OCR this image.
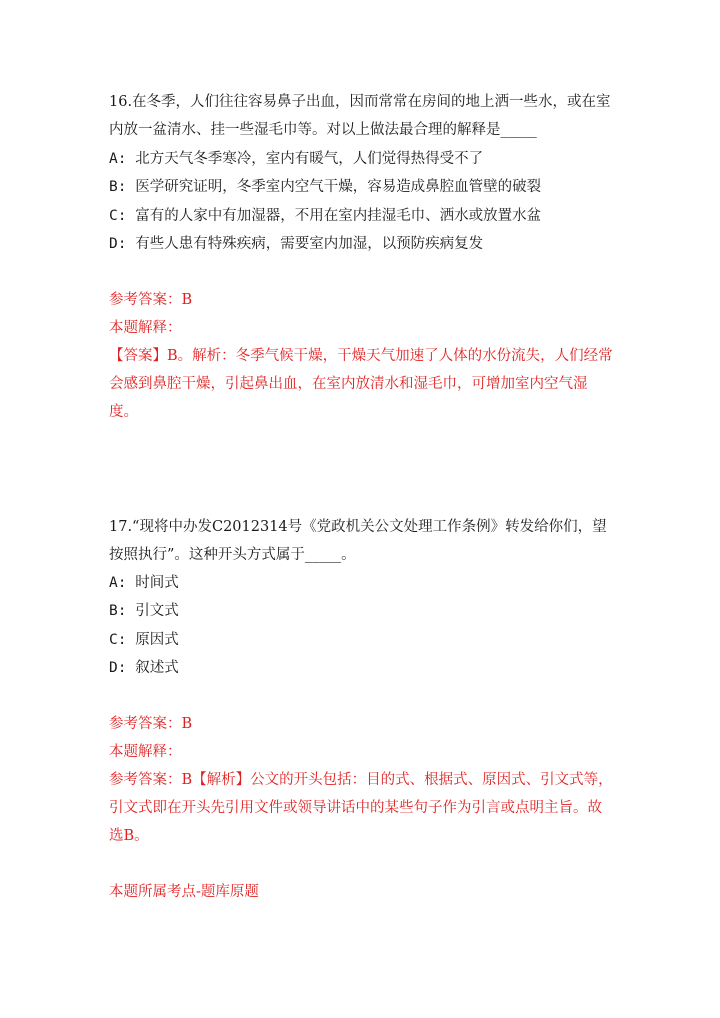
16.在冬季，人们往往容易鼻子出血，因而常常在房间的地上洒一些水，或在室
内放一盆清水、挂一些湿毛巾等。对以上做法最合理的解释是_____
A: 北方天气冬季寒冷，室内有暖气，人们觉得热得受不了
B: 医学研究证明，冬季室内空气干燥，容易造成鼻腔血管壁的破裂
C: 富有的人家中有加湿器，不用在室内挂湿毛巾、洒水或放置水盆
D: 有些人患有特殊疾病，需要室内加湿，以预防疾病复发
参考答案：B
本题解释：
【答案】B。解析：冬季气候干燥，干燥天气加速了人体的水份流失，人们经常
会感到鼻腔干燥，引起鼻出血，在室内放清水和湿毛巾，可增加室内空气湿
度。
17.“现将中办发C2012314号《党政机关公文处理工作条例》转发给你们，望
按照执行”。这种开头方式属于_____。
A: 时间式
B: 引文式
C: 原因式
D: 叙述式
参考答案：B
本题解释：
参考答案：B【解析】公文的开头包括：目的式、根据式、原因式、引文式等，
引文式即在开头先引用文件或领导讲话中的某些句子作为引言或点明主旨。故
选B。
本题所属考点-题库原题
